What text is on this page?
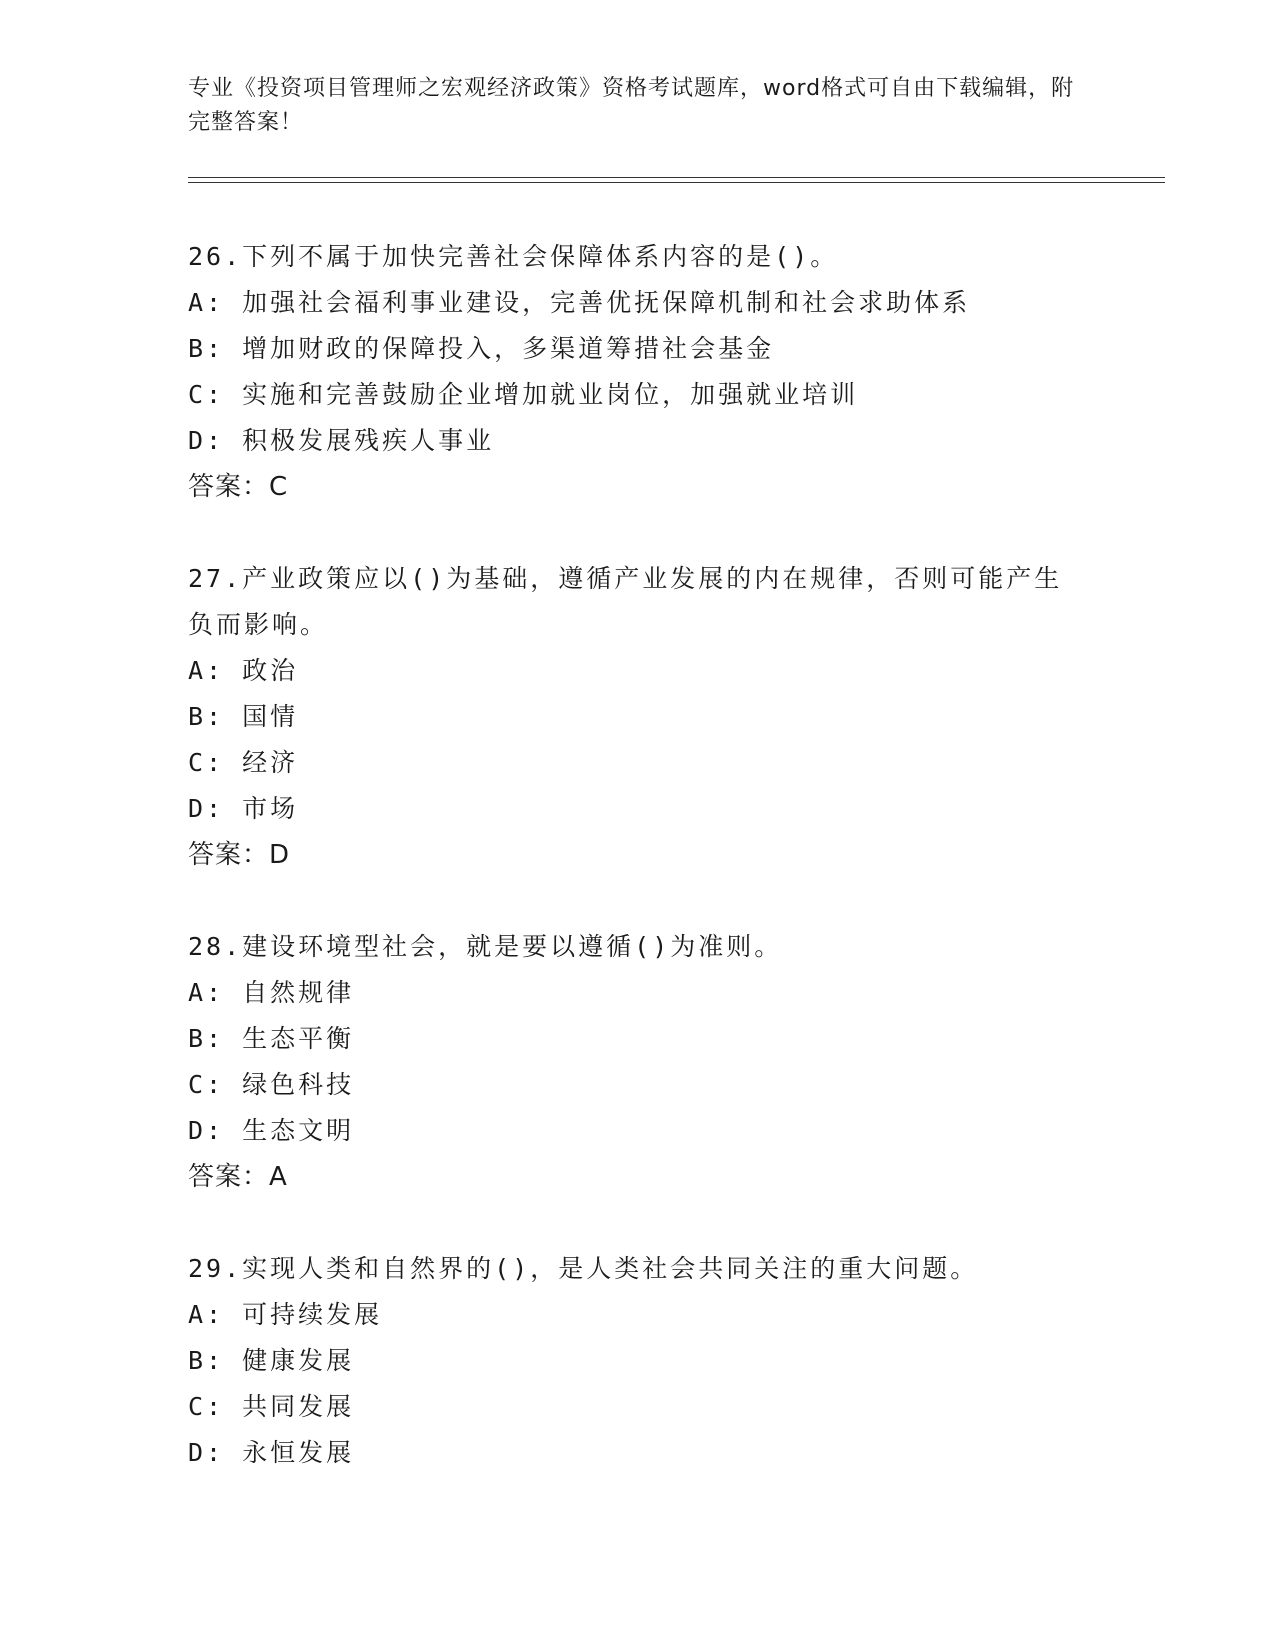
专业《投资项目管理师之宏观经济政策》资格考试题库，word格式可自由下载编辑，附完整答案！

26.下列不属于加快完善社会保障体系内容的是()。

A: 加强社会福利事业建设，完善优抚保障机制和社会求助体系

B: 增加财政的保障投入，多渠道筹措社会基金

C: 实施和完善鼓励企业增加就业岗位，加强就业培训

D: 积极发展残疾人事业

答案：C

27.产业政策应以()为基础，遵循产业发展的内在规律，否则可能产生负而影响。

A: 政治

B: 国情

C: 经济

D: 市场

答案：D

28.建设环境型社会，就是要以遵循()为准则。

A: 自然规律

B: 生态平衡

C: 绿色科技

D: 生态文明

答案：A

29.实现人类和自然界的()，是人类社会共同关注的重大问题。

A: 可持续发展

B: 健康发展

C: 共同发展

D: 永恒发展
